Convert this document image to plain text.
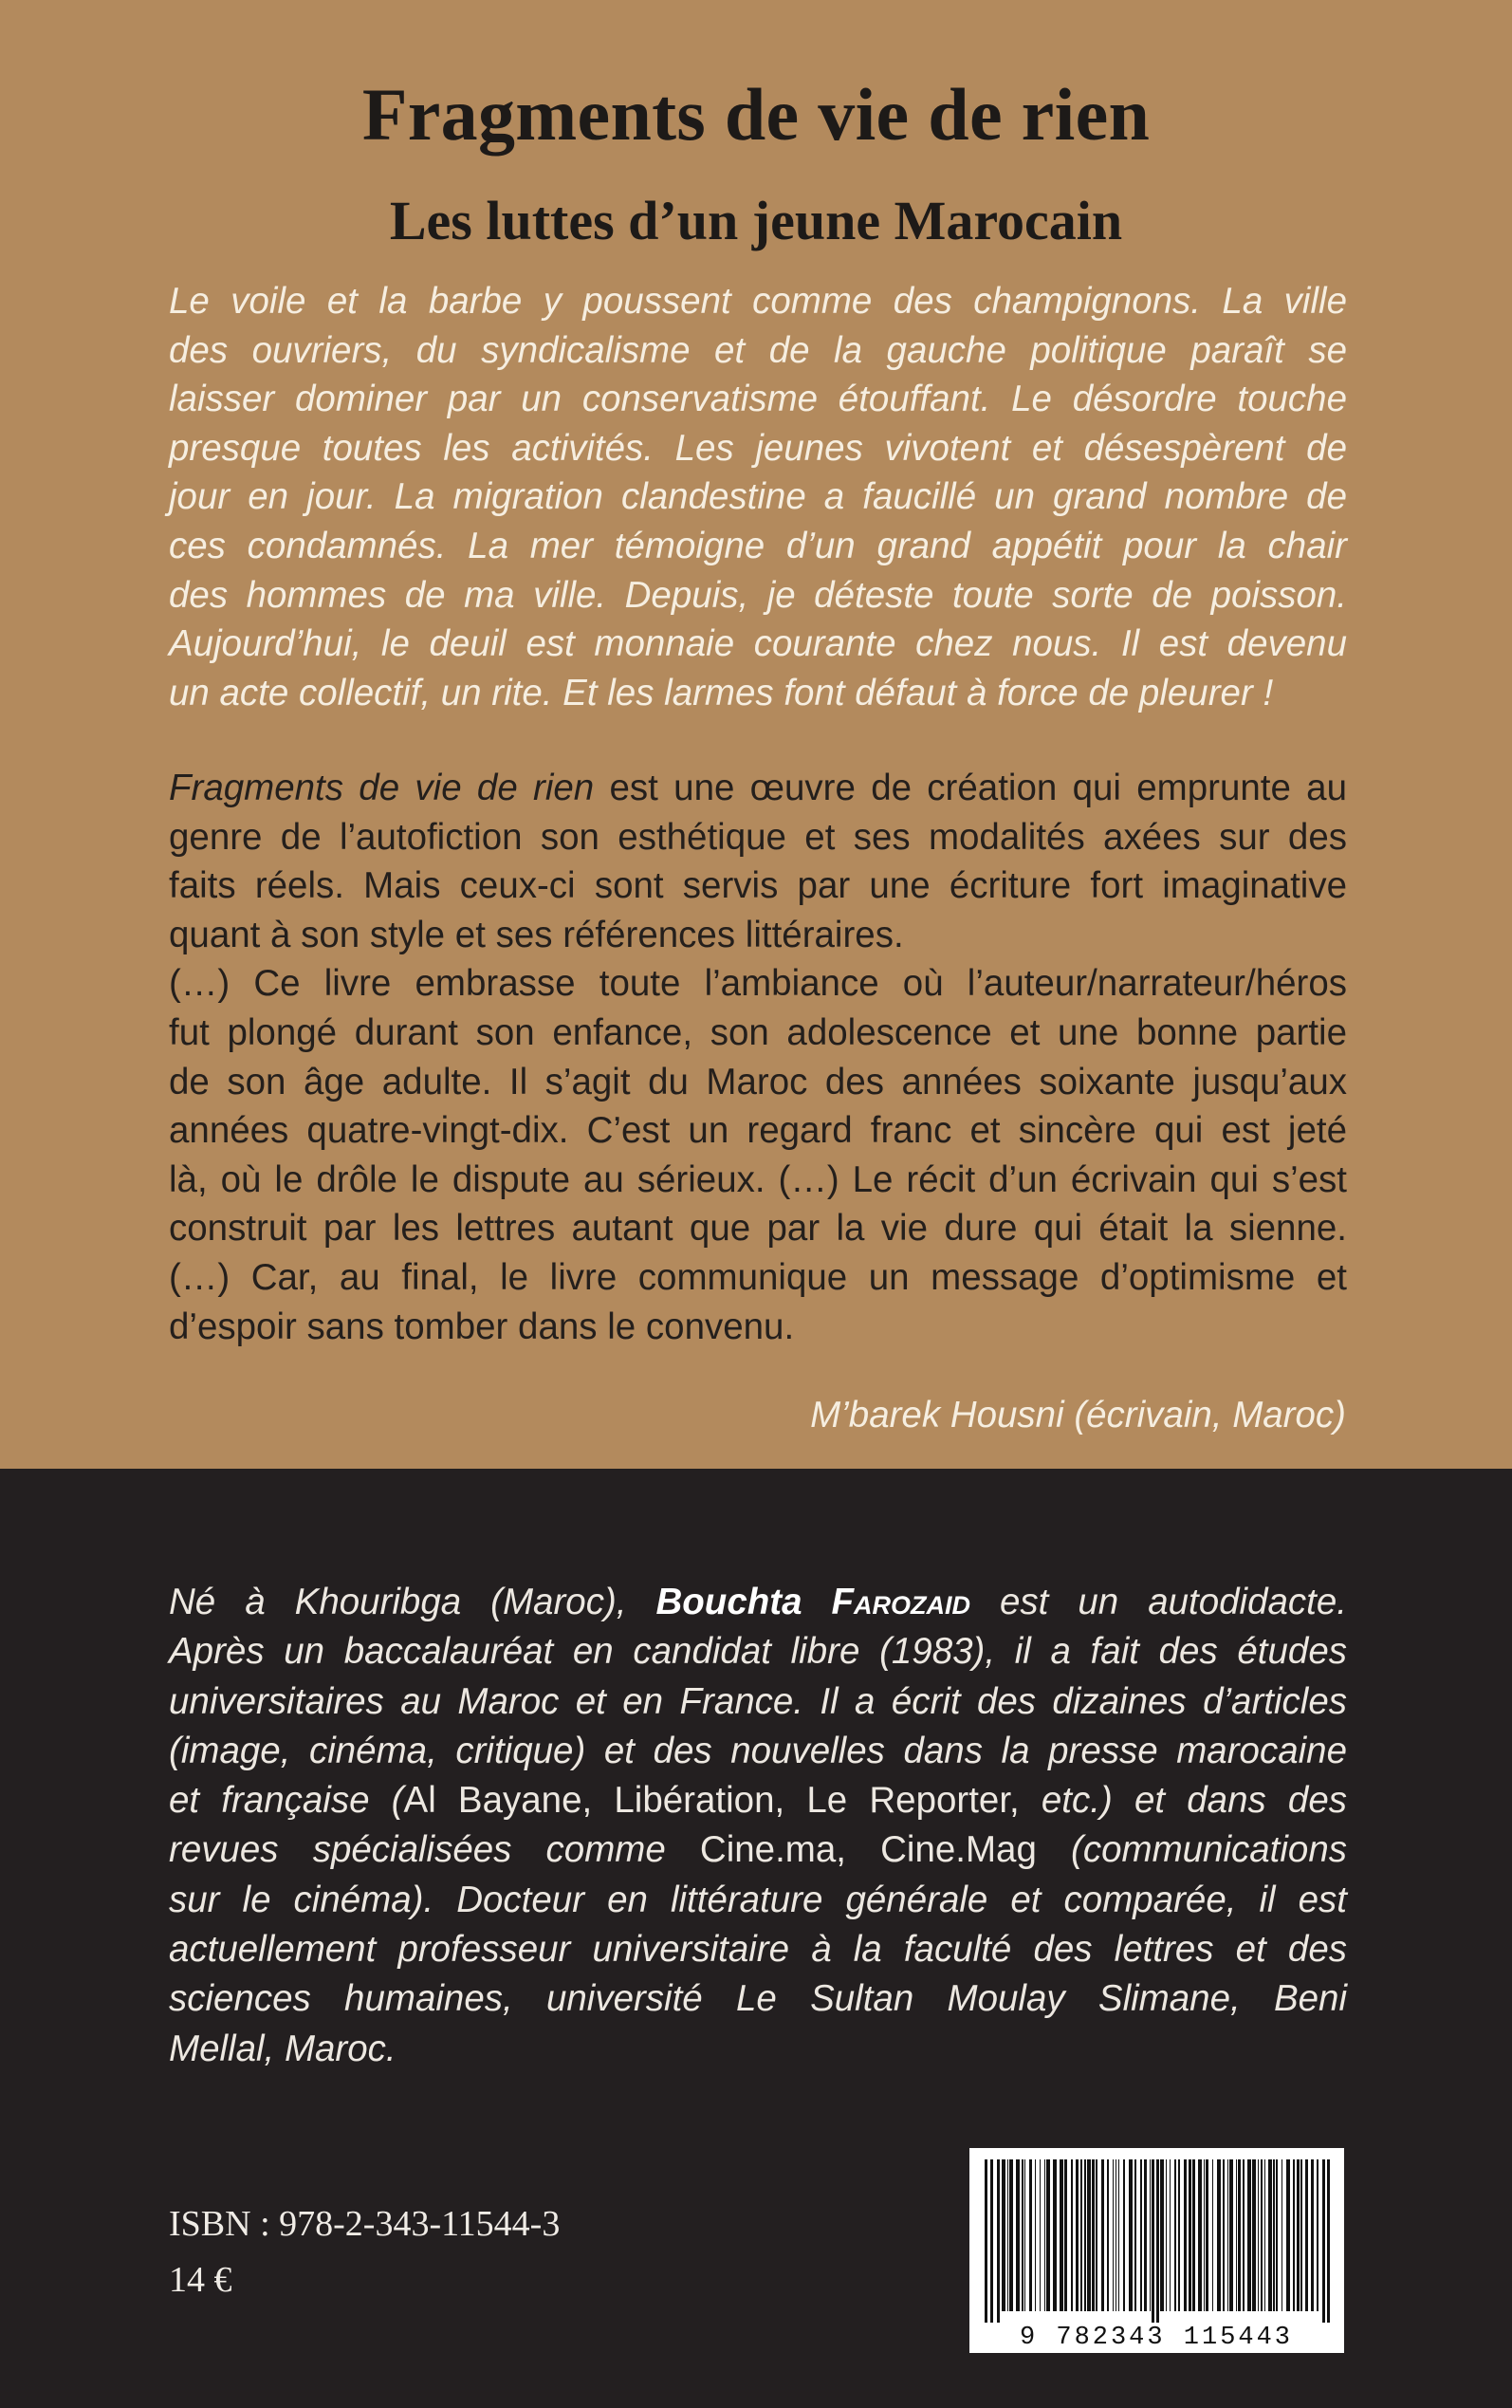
Fragments de vie de rien
Les luttes d’un jeune Marocain

Le voile et la barbe y poussent comme des champignons. La ville
des ouvriers, du syndicalisme et de la gauche politique paraît se
laisser dominer par un conservatisme étouffant. Le désordre touche
presque toutes les activités. Les jeunes vivotent et désespèrent de
jour en jour. La migration clandestine a faucillé un grand nombre de
ces condamnés. La mer témoigne d’un grand appétit pour la chair
des hommes de ma ville. Depuis, je déteste toute sorte de poisson.
Aujourd’hui, le deuil est monnaie courante chez nous. Il est devenu
un acte collectif, un rite. Et les larmes font défaut à force de pleurer !

Fragments de vie de rien est une œuvre de création qui emprunte au
genre de l’autofiction son esthétique et ses modalités axées sur des
faits réels. Mais ceux-ci sont servis par une écriture fort imaginative
quant à son style et ses références littéraires.
(…) Ce livre embrasse toute l’ambiance où l’auteur/narrateur/héros
fut plongé durant son enfance, son adolescence et une bonne partie
de son âge adulte. Il s’agit du Maroc des années soixante jusqu’aux
années quatre-vingt-dix. C’est un regard franc et sincère qui est jeté
là, où le drôle le dispute au sérieux. (…) Le récit d’un écrivain qui s’est
construit par les lettres autant que par la vie dure qui était la sienne.
(…) Car, au final, le livre communique un message d’optimisme et
d’espoir sans tomber dans le convenu.

M’barek Housni (écrivain, Maroc)

Né à Khouribga (Maroc), Bouchta Farozaid est un autodidacte.
Après un baccalauréat en candidat libre (1983), il a fait des études
universitaires au Maroc et en France. Il a écrit des dizaines d’articles
(image, cinéma, critique) et des nouvelles dans la presse marocaine
et française (Al Bayane, Libération, Le Reporter, etc.) et dans des
revues spécialisées comme Cine.ma, Cine.Mag (communications
sur le cinéma). Docteur en littérature générale et comparée, il est
actuellement professeur universitaire à la faculté des lettres et des
sciences humaines, université Le Sultan Moulay Slimane, Beni
Mellal, Maroc.
9 782343 115443

ISBN : 978-2-343-11544-3

14 €
